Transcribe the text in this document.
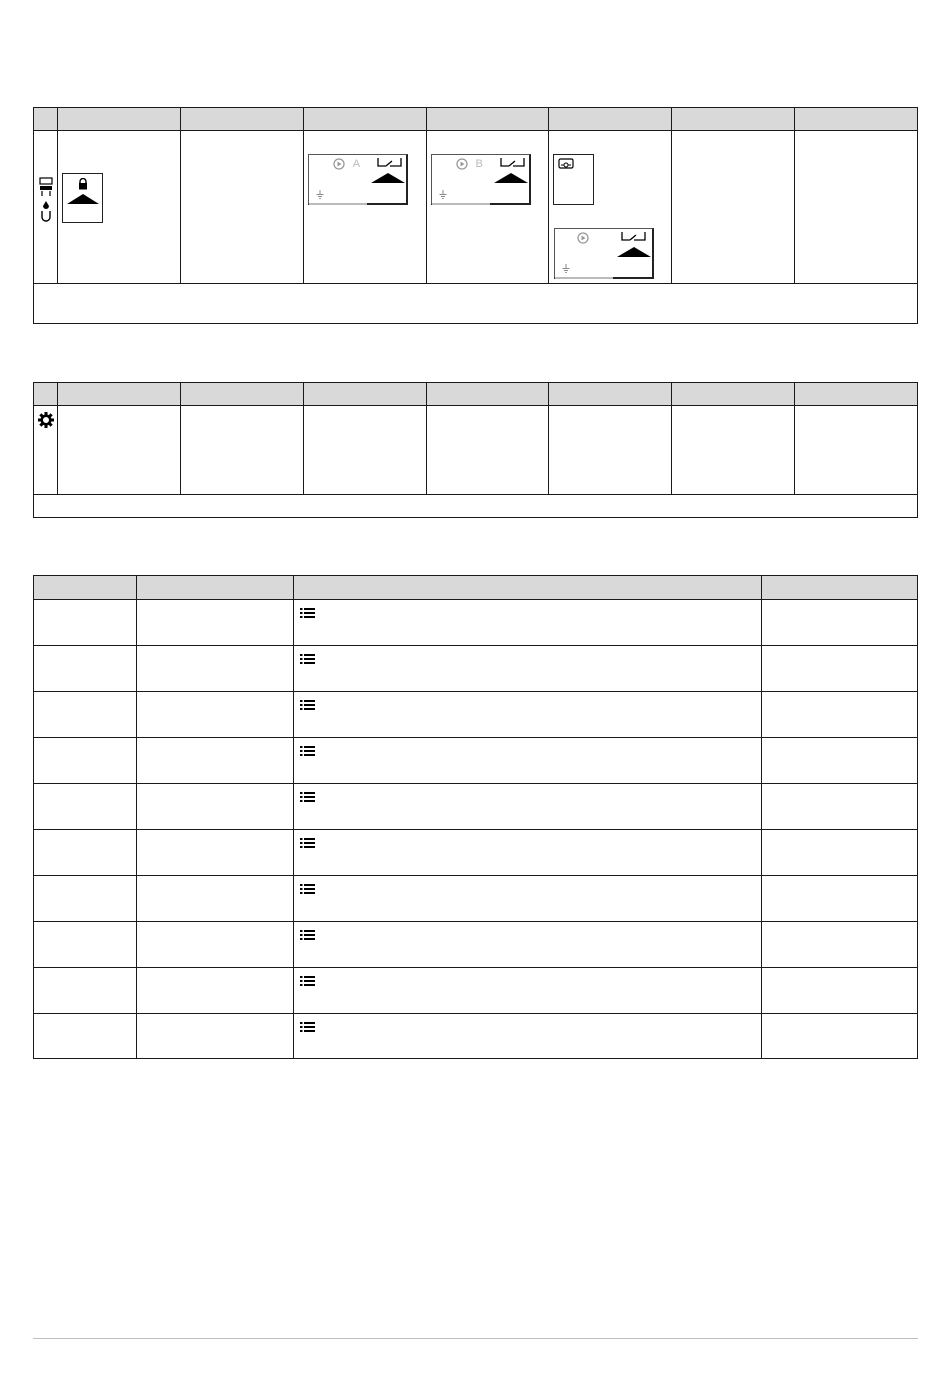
A	B
